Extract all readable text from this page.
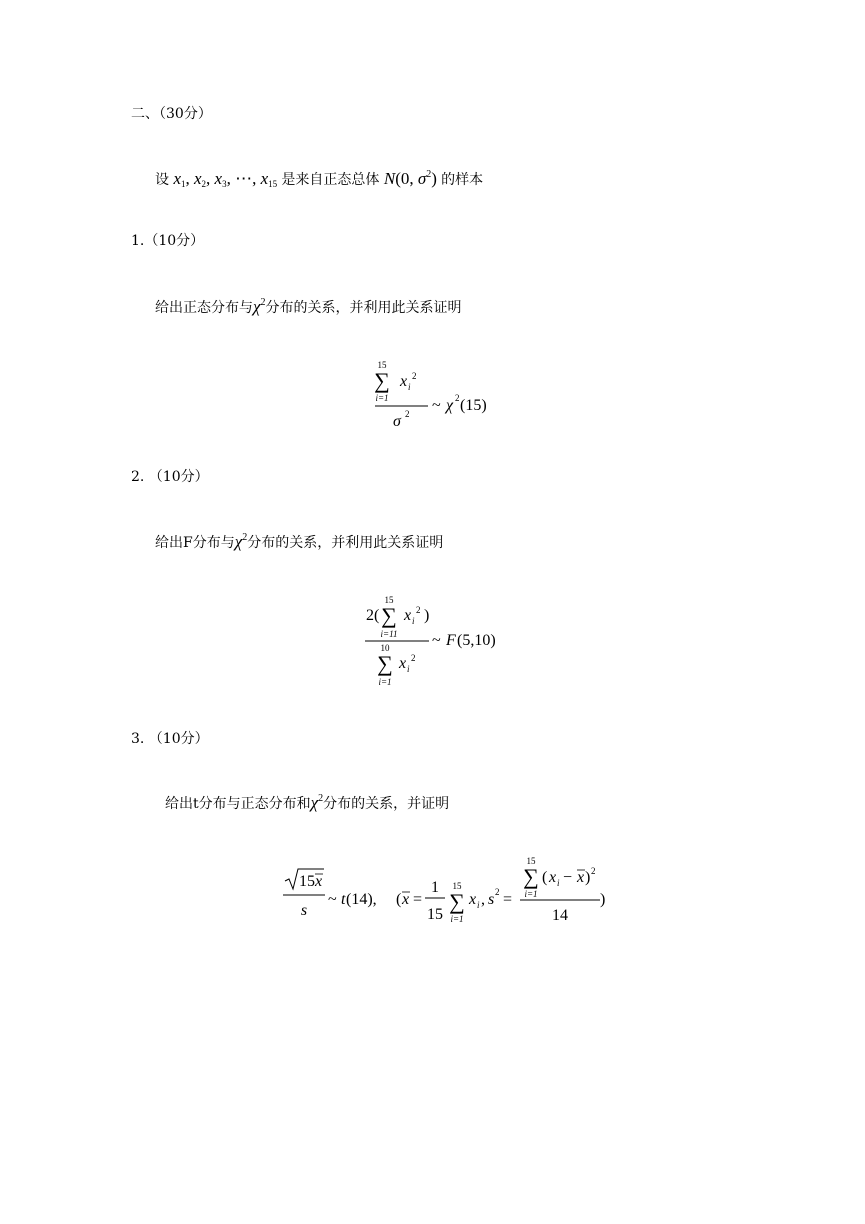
二、（30分）
设 $x_1$, $x_2$, $x_3$, ⋯, $x_{15}$ 是来自正态总体 N(0, $\sigma^2$) 的样本
1.（10分）
给出正态分布与$\chi^2$分布的关系，并利用此关系证明
15
∑
i=1
x i
2
σ 2 ~ χ 2 (15)
2. （10分）
给出F分布与$\chi^2$分布的关系，并利用此关系证明
2(
15
∑
i=11
x i
2 )
10
∑
i=1
x i
2
~ F (5,10)
3. （10分）
给出t分布与正态分布和$\chi^2$分布的关系，并证明
15 x
s
~ t (14), ( x =
1
15
15
∑
i=1
x i , s 2 =
15
∑
i=1
( x i − x ) 2
14
)
